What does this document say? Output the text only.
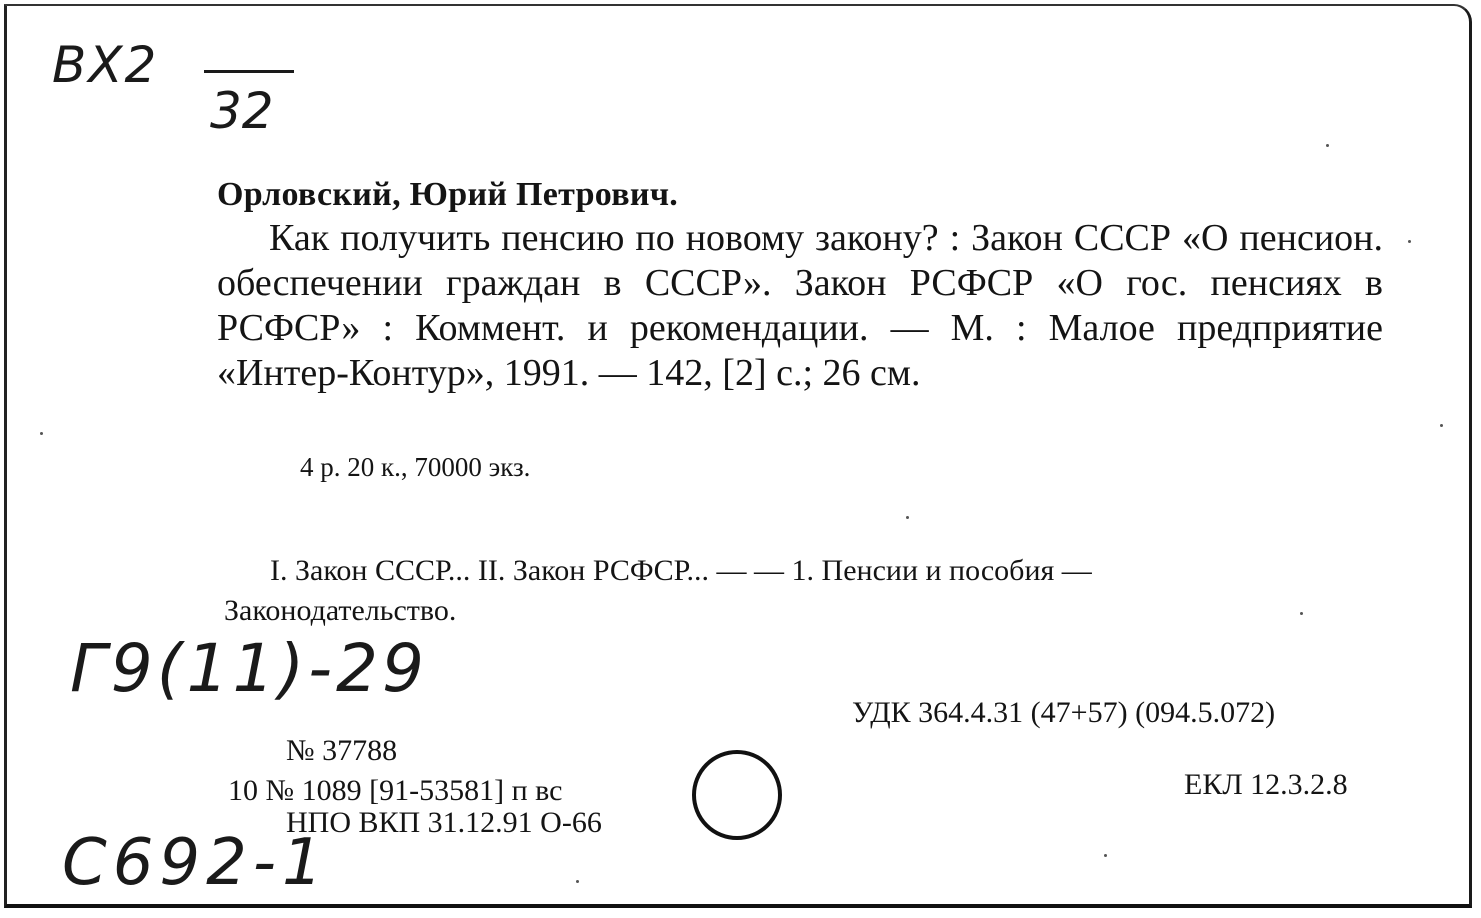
ВХ2
32
Орловский, Юрий Петрович.
Как получить пенсию по новому закону? : Закон СССР «О пенсион. обеспечении граждан в СССР». Закон РСФСР «О гос. пенсиях в РСФСР» : Коммент. и рекомендации. — М. : Малое предприятие «Интер-Контур», 1991. — 142, [2] с.; 26 см.
4 р. 20 к., 70000 экз.
I. Закон СССР... II. Закон РСФСР... — — 1. Пенсии и пособия —
Законодательство.
Г9(11)-29
УДК 364.4.31 (47+57) (094.5.072)
ЕКЛ 12.3.2.8
№ 37788
10 № 1089 [91-53581] п вс
НПО ВКП 31.12.91 О-66
С692-1
